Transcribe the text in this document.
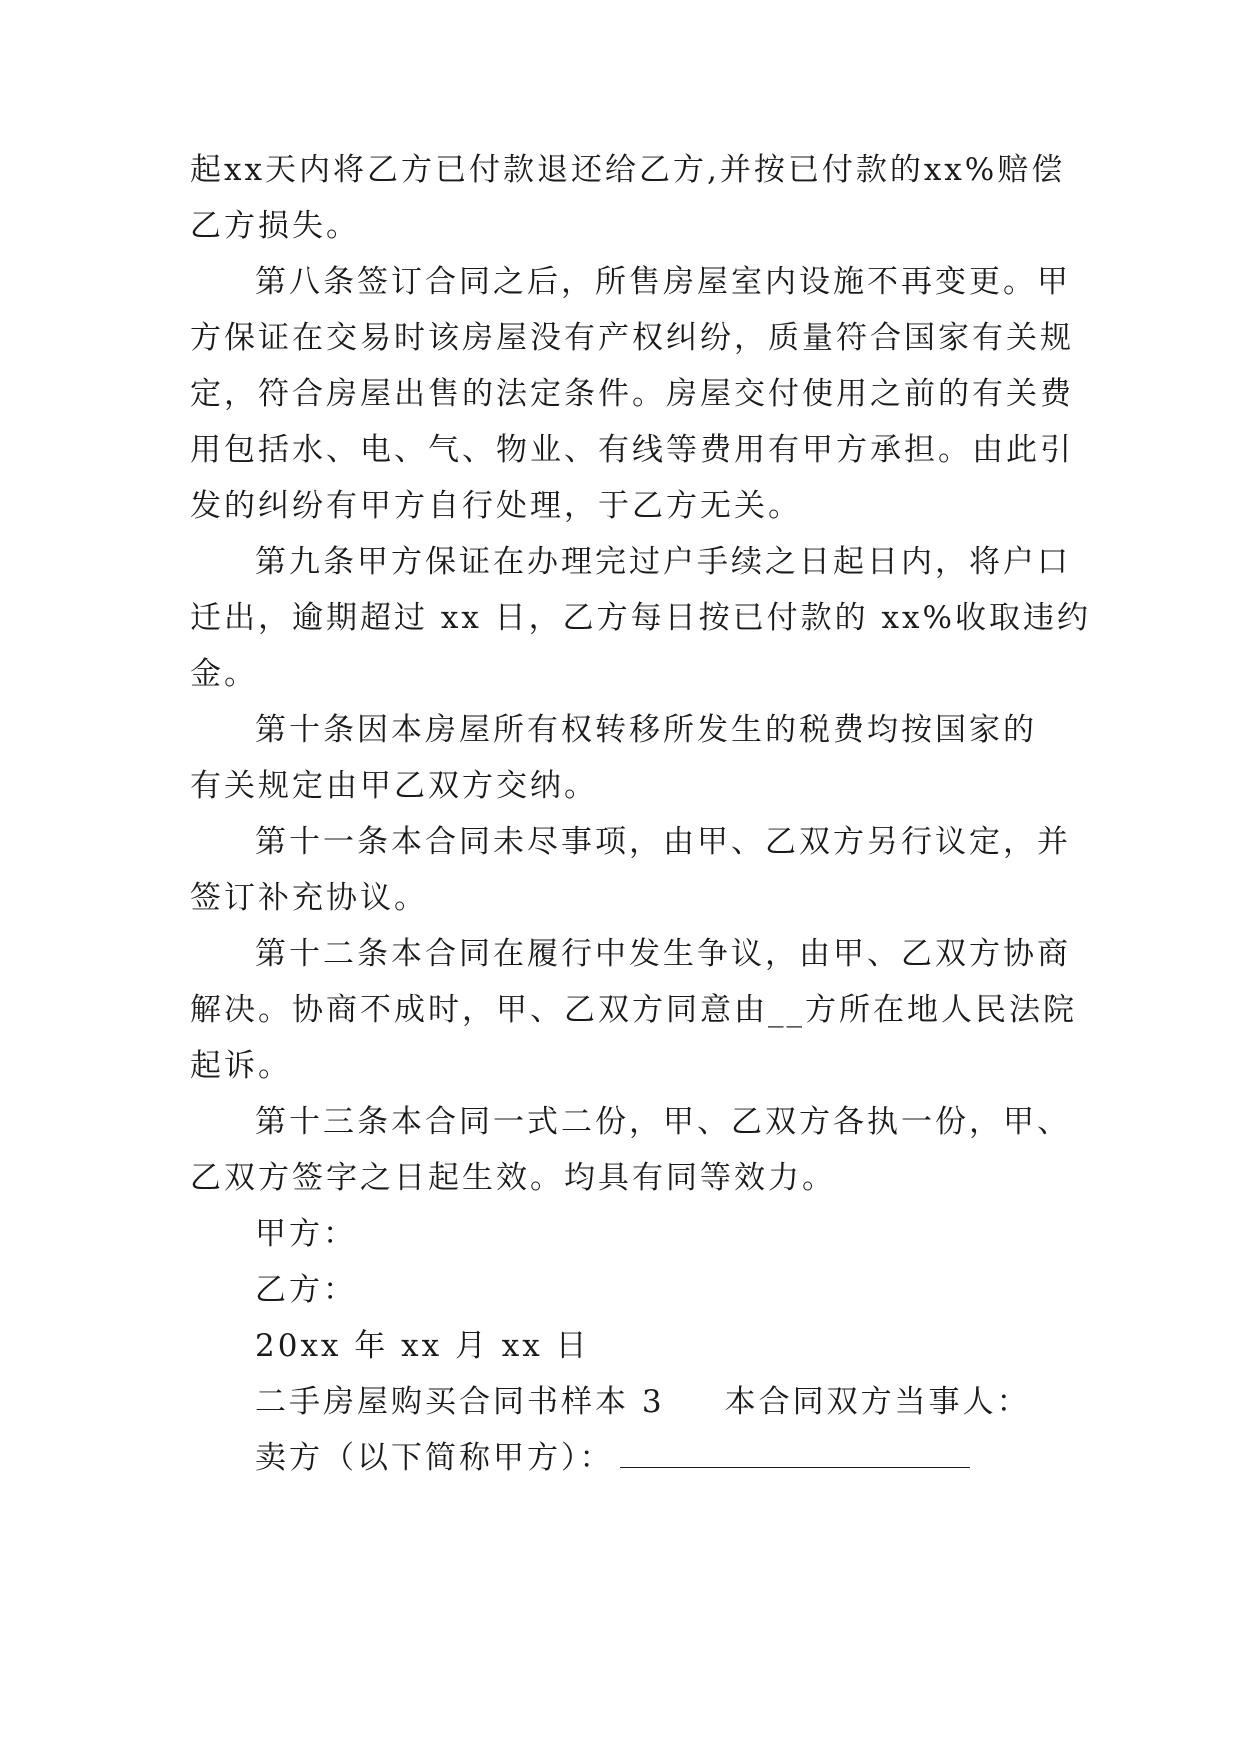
起xx天内将乙方已付款退还给乙方,并按已付款的xx%赔偿
乙方损失。
第八条签订合同之后，所售房屋室内设施不再变更。甲
方保证在交易时该房屋没有产权纠纷，质量符合国家有关规
定，符合房屋出售的法定条件。房屋交付使用之前的有关费
用包括水、电、气、物业、有线等费用有甲方承担。由此引
发的纠纷有甲方自行处理，于乙方无关。
第九条甲方保证在办理完过户手续之日起日内，将户口
迁出，逾期超过 xx 日，乙方每日按已付款的 xx%收取违约
金。
第十条因本房屋所有权转移所发生的税费均按国家的
有关规定由甲乙双方交纳。
第十一条本合同未尽事项，由甲、乙双方另行议定，并
签订补充协议。
第十二条本合同在履行中发生争议，由甲、乙双方协商
解决。协商不成时，甲、乙双方同意由__方所在地人民法院
起诉。
第十三条本合同一式二份，甲、乙双方各执一份，甲、
乙双方签字之日起生效。均具有同等效力。
甲方：
乙方：
20xx 年 xx 月 xx 日
二手房屋购买合同书样本 3 本合同双方当事人：
卖方（以下简称甲方）：
